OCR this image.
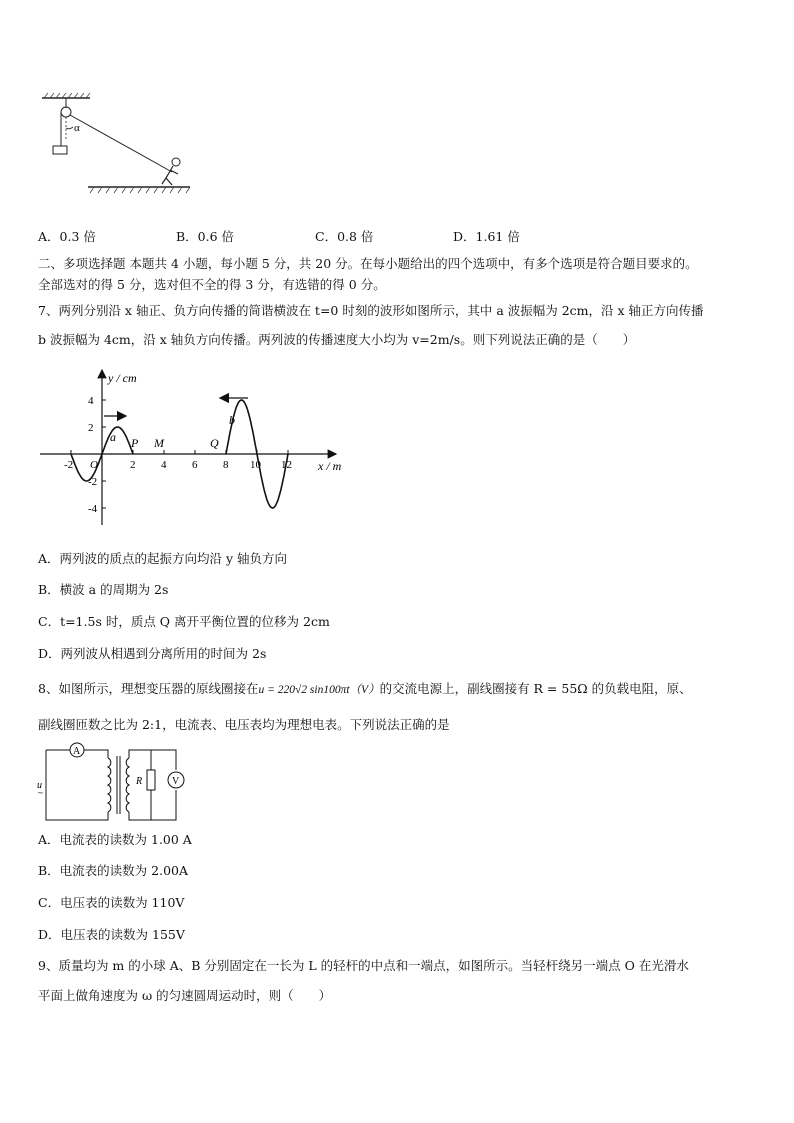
α
A．0.3 倍	B．0.6 倍	C．0.8 倍	D．1.61 倍
二、多项选择题 本题共 4 小题，每小题 5 分，共 20 分。在每小题给出的四个选项中，有多个选项是符合题目要求的。
全部选对的得 5 分，选对但不全的得 3 分，有选错的得 0 分。
7、两列分别沿 x 轴正、负方向传播的简谐横波在 t=0 时刻的波形如图所示，其中 a 波振幅为 2cm，沿 x 轴正方向传播
b 波振幅为 4cm，沿 x 轴负方向传播。两列波的传播速度大小均为 v=2m/s。则下列说法正确的是（　　）
y / cm
x / m
4
2
-2
-4
-2 O	2 4 6 8 10 12
a
b
P M	Q
A．两列波的质点的起振方向均沿 y 轴负方向
B．横波 a 的周期为 2s
C．t=1.5s 时，质点 Q 离开平衡位置的位移为 2cm
D．两列波从相遇到分离所用的时间为 2s
8、如图所示，理想变压器的原线圈接在u = 220√2 sin100πt（V）的交流电源上，副线圈接有 R = 55Ω 的负载电阻，原、
副线圈匝数之比为 2:1，电流表、电压表均为理想电表。下列说法正确的是
A
R	V
u
~
A．电流表的读数为 1.00 A
B．电流表的读数为 2.00A
C．电压表的读数为 110V
D．电压表的读数为 155V
9、质量均为 m 的小球 A、B 分别固定在一长为 L 的轻杆的中点和一端点，如图所示。当轻杆绕另一端点 O 在光滑水
平面上做角速度为 ω 的匀速圆周运动时，则（　　）
